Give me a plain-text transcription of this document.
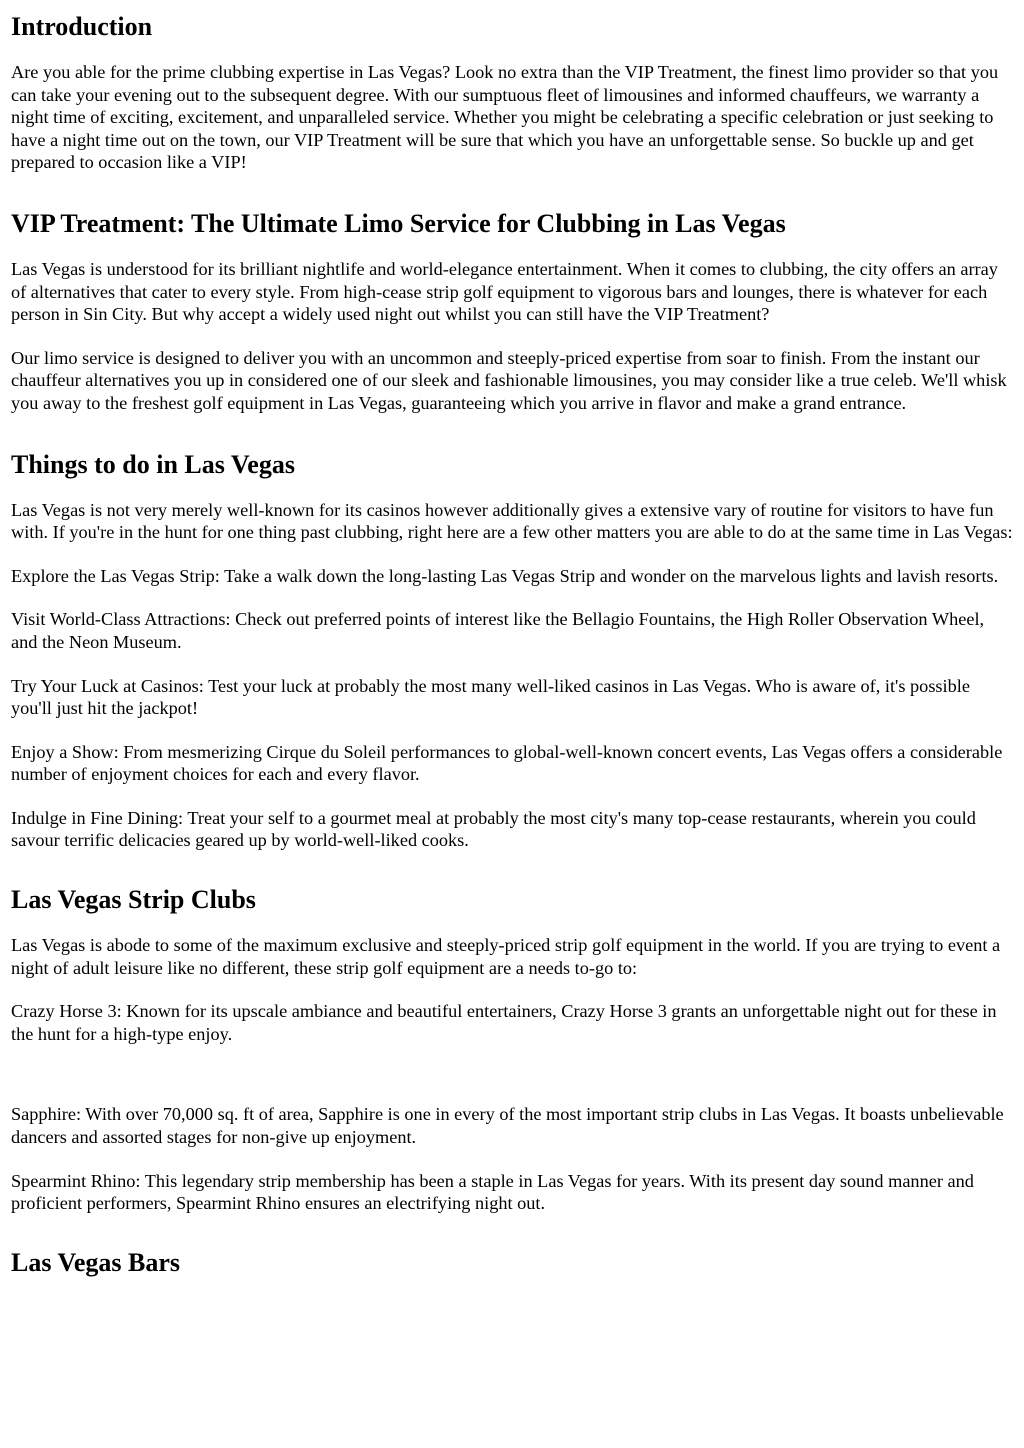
Introduction

Are you able for the prime clubbing expertise in Las Vegas? Look no extra than the VIP Treatment, the finest limo provider so that you can take your evening out to the subsequent degree. With our sumptuous fleet of limousines and informed chauffeurs, we warranty a night time of exciting, excitement, and unparalleled service. Whether you might be celebrating a specific celebration or just seeking to have a night time out on the town, our VIP Treatment will be sure that which you have an unforgettable sense. So buckle up and get prepared to occasion like a VIP!

VIP Treatment: The Ultimate Limo Service for Clubbing in Las Vegas

Las Vegas is understood for its brilliant nightlife and world-elegance entertainment. When it comes to clubbing, the city offers an array of alternatives that cater to every style. From high-cease strip golf equipment to vigorous bars and lounges, there is whatever for each person in Sin City. But why accept a widely used night out whilst you can still have the VIP Treatment?

Our limo service is designed to deliver you with an uncommon and steeply-priced expertise from soar to finish. From the instant our chauffeur alternatives you up in considered one of our sleek and fashionable limousines, you may consider like a true celeb. We'll whisk you away to the freshest golf equipment in Las Vegas, guaranteeing which you arrive in flavor and make a grand entrance.

Things to do in Las Vegas

Las Vegas is not very merely well-known for its casinos however additionally gives a extensive vary of routine for visitors to have fun with. If you're in the hunt for one thing past clubbing, right here are a few other matters you are able to do at the same time in Las Vegas:

Explore the Las Vegas Strip: Take a walk down the long-lasting Las Vegas Strip and wonder on the marvelous lights and lavish resorts.

Visit World-Class Attractions: Check out preferred points of interest like the Bellagio Fountains, the High Roller Observation Wheel, and the Neon Museum.

Try Your Luck at Casinos: Test your luck at probably the most many well-liked casinos in Las Vegas. Who is aware of, it's possible you'll just hit the jackpot!

Enjoy a Show: From mesmerizing Cirque du Soleil performances to global-well-known concert events, Las Vegas offers a considerable number of enjoyment choices for each and every flavor.

Indulge in Fine Dining: Treat your self to a gourmet meal at probably the most city's many top-cease restaurants, wherein you could savour terrific delicacies geared up by world-well-liked cooks.

Las Vegas Strip Clubs

Las Vegas is abode to some of the maximum exclusive and steeply-priced strip golf equipment in the world. If you are trying to event a night of adult leisure like no different, these strip golf equipment are a needs to-go to:

Crazy Horse 3: Known for its upscale ambiance and beautiful entertainers, Crazy Horse 3 grants an unforgettable night out for these in the hunt for a high-type enjoy.

Sapphire: With over 70,000 sq. ft of area, Sapphire is one in every of the most important strip clubs in Las Vegas. It boasts unbelievable dancers and assorted stages for non-give up enjoyment.

Spearmint Rhino: This legendary strip membership has been a staple in Las Vegas for years. With its present day sound manner and proficient performers, Spearmint Rhino ensures an electrifying night out.

Las Vegas Bars
